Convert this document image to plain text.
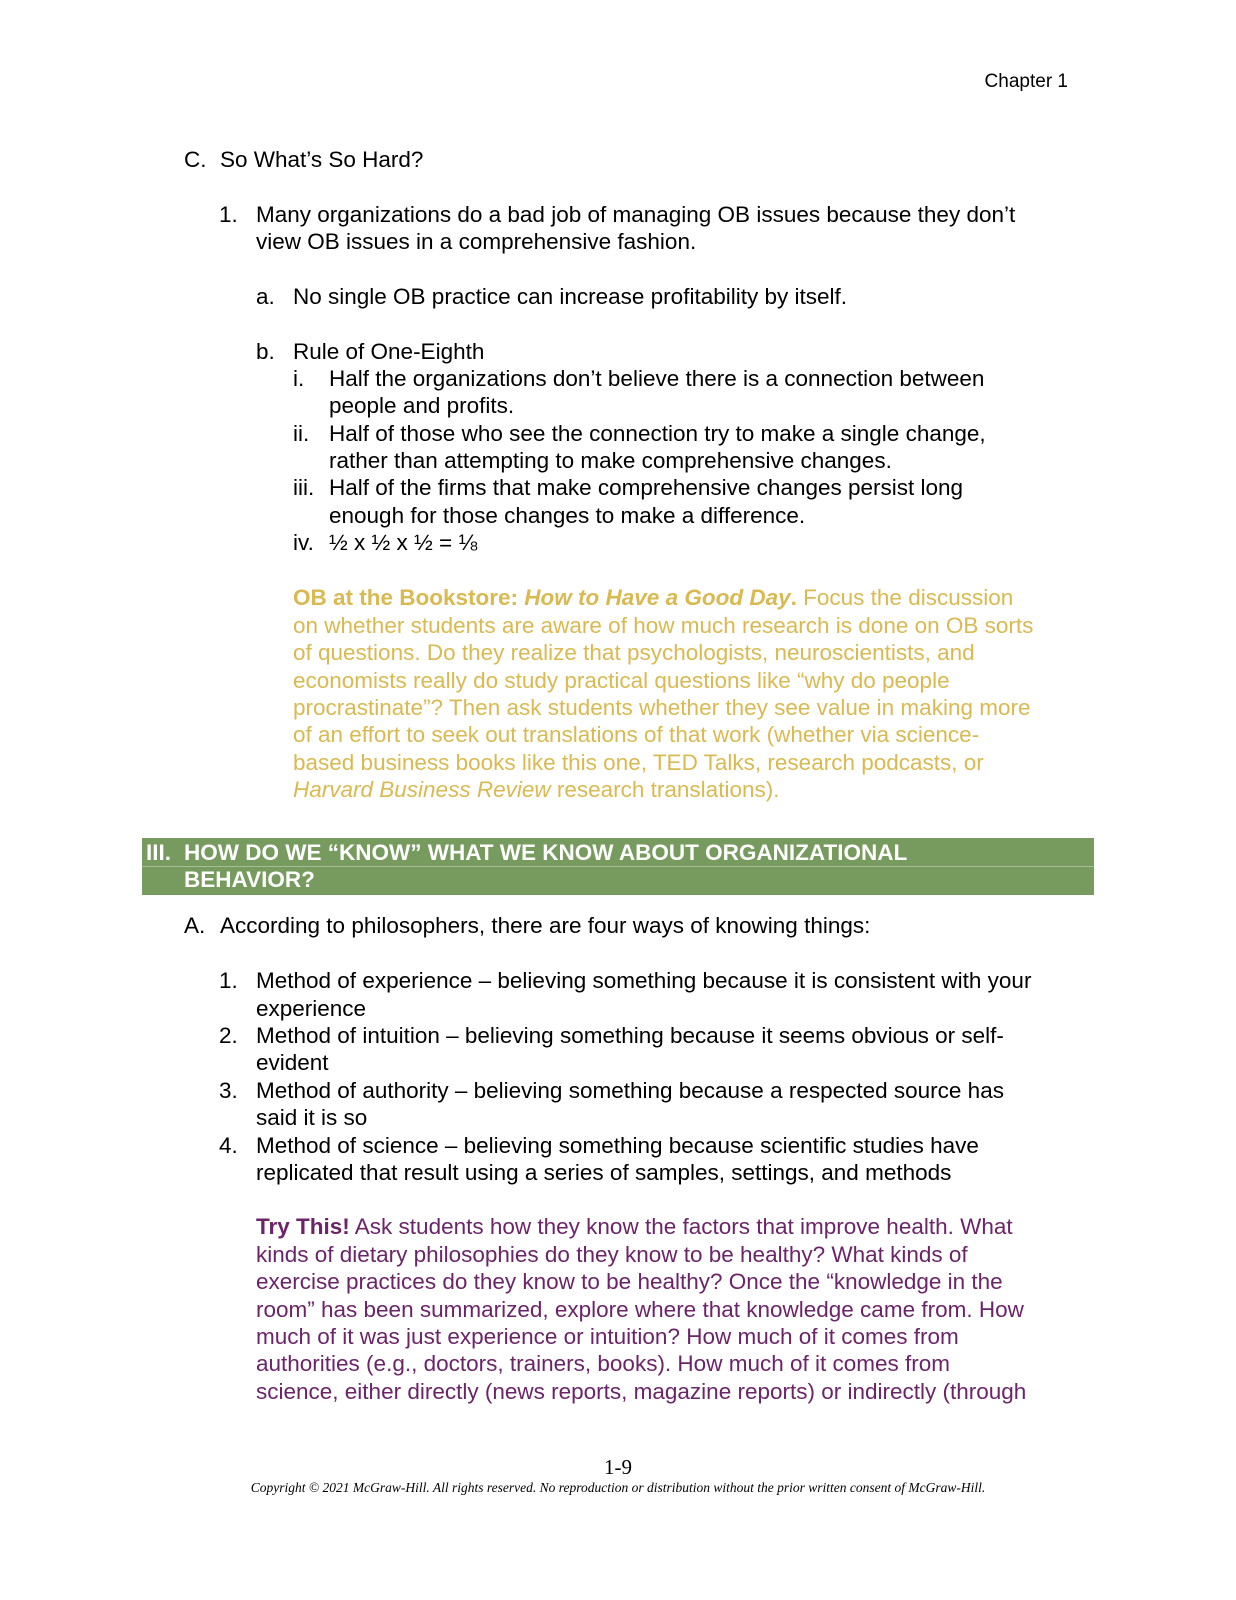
Chapter 1
C. So What’s So Hard?
1. Many organizations do a bad job of managing OB issues because they don’t
view OB issues in a comprehensive fashion.
a. No single OB practice can increase profitability by itself.
b. Rule of One-Eighth
i. Half the organizations don’t believe there is a connection between
people and profits.
ii. Half of those who see the connection try to make a single change,
rather than attempting to make comprehensive changes.
iii. Half of the firms that make comprehensive changes persist long
enough for those changes to make a difference.
iv. ½ x ½ x ½ = ⅛
OB at the Bookstore: How to Have a Good Day. Focus the discussion
on whether students are aware of how much research is done on OB sorts
of questions. Do they realize that psychologists, neuroscientists, and
economists really do study practical questions like “why do people
procrastinate”? Then ask students whether they see value in making more
of an effort to seek out translations of that work (whether via science-
based business books like this one, TED Talks, research podcasts, or
Harvard Business Review research translations).
III. HOW DO WE “KNOW” WHAT WE KNOW ABOUT ORGANIZATIONAL
BEHAVIOR?
A. According to philosophers, there are four ways of knowing things:
1. Method of experience – believing something because it is consistent with your
experience
2. Method of intuition – believing something because it seems obvious or self-
evident
3. Method of authority – believing something because a respected source has
said it is so
4. Method of science – believing something because scientific studies have
replicated that result using a series of samples, settings, and methods
Try This! Ask students how they know the factors that improve health. What
kinds of dietary philosophies do they know to be healthy? What kinds of
exercise practices do they know to be healthy? Once the “knowledge in the
room” has been summarized, explore where that knowledge came from. How
much of it was just experience or intuition? How much of it comes from
authorities (e.g., doctors, trainers, books). How much of it comes from
science, either directly (news reports, magazine reports) or indirectly (through
1-9
Copyright © 2021 McGraw-Hill. All rights reserved. No reproduction or distribution without the prior written consent of McGraw-Hill.
